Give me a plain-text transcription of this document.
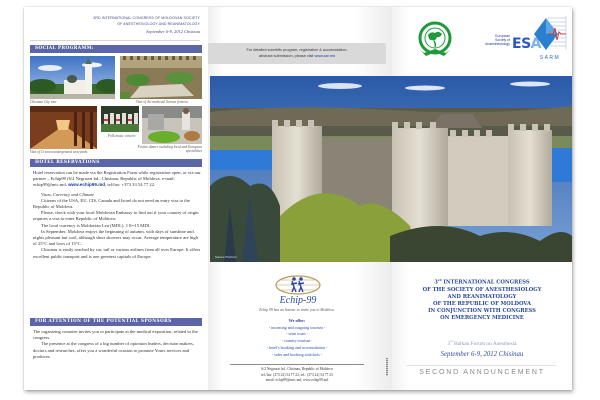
3RD INTERNATIONAL CONGRESS OF MOLDOVAN SOCIETY
OF ANESTHESIOLOGY AND REANIMATOLOGY
September 6-9, 2012 Chisinau
SOCIAL PROGRAMM:
Chisinau City tour	Visit of the medieval Soroca fortress
Visit of Cricova underground wineyards
Folk music concert
Festive dinner including local and European specialities
HOTEL RESERVATIONS

Hotel reservation can be made via the Registration Form while registration open, or via our partner – Echip99 (6/2 Negruzzi bd., Chisinau, Republic of Moldova, e-mail: echip99@mtc.md, www.echip99.md, tel/fax: +373 33 54 77 22.

Visas, Currency and Climate

Citizens of the USA, EU, CIS, Canada and Israel do not need an entry visa to the Republic of Moldova.

Please, check with your local Moldovan Embassy to find out if your country of origin requires a visa to enter Republic of Moldova.

The local currency is Moldavian Leu (MDL). 1 E=15 MDL

In September, Moldova enjoys the beginning of autumn, with days of sunshine and nights pleasant but cool, although short showers may occur. Average temperature are high of 25°C and lows of 15°C.

Chisinau is easily reached by car, rail or various airlines from all over Europe. It offers excellent public transport and is one greenest capitals of Europe.

FOR ATTENTION OF THE POTENTIAL SPONSORS

The organizing comotee invites you ot participate at the medical exposition, related to the congress.

The presence at the congress of a big number of opionion leaders, decision makers, doctors and researches, ofers you a wonderful ocasion to promote Yours services and produces.

For detailed scientific program, registration & accomodation,
abstract submission, please visit www.sar.md
Echip-99
Echip 99 has an honour to invite you to Moldova.
We offer:
- incoming and outgoing tourism -
- wine tours -
- country tourism -
- hotel's booking and accomodation -
- sales and booking airtickets -
6/2 Negruzzi bd., Chisinau, Republic of Moldova
tel./fax: (373 22) 54 77 22, tel.: (373 22) 54 77 23
email: echip99@mtc.md, www.echip99.md
European
Society of
Anaesthesiology ESA
SARM
3rd INTERNATIONAL CONGRESS
OF THE SOCIETY OF ANESTHESIOLOGY
AND REANIMATOLOGY
OF THE REPUBLIC OF MOLDOVA
IN CONJUNCTION WITH CONGRESS
ON EMERGENCY MEDICINE
3rd Balkan Forum on Anesthesia
September 6-9, 2012 Chisinau
SECOND ANNOUNCEMENT
Soroca Fortress
